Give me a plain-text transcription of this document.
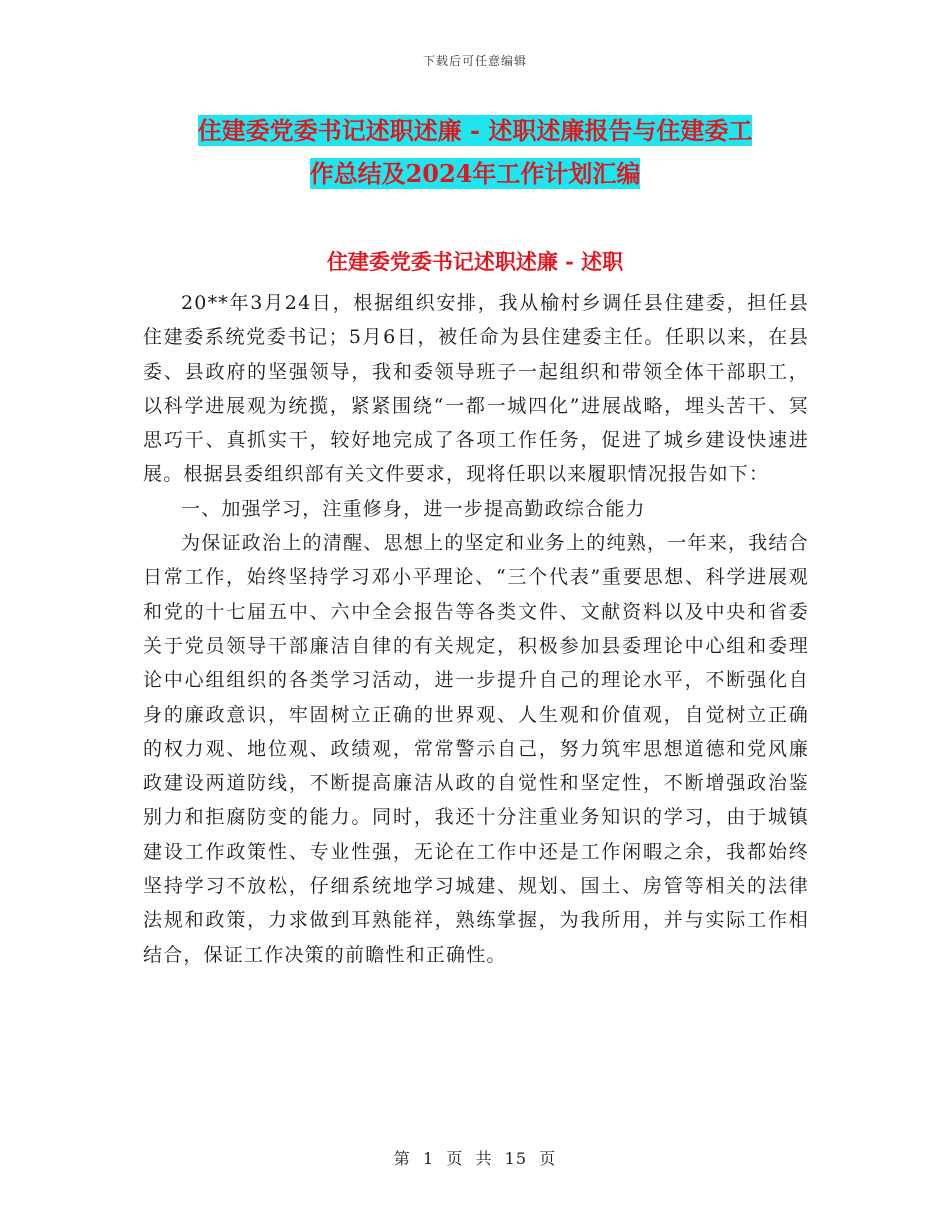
下载后可任意编辑
住建委党委书记述职述廉 - 述职述廉报告与住建委工
作总结及2024年工作计划汇编
住建委党委书记述职述廉 - 述职

20**年3月24日，根据组织安排，我从榆村乡调任县住建委，担任县住建委系统党委书记；5月6日，被任命为县住建委主任。任职以来，在县委、县政府的坚强领导，我和委领导班子一起组织和带领全体干部职工，以科学进展观为统揽，紧紧围绕“一都一城四化”进展战略，埋头苦干、冥思巧干、真抓实干，较好地完成了各项工作任务，促进了城乡建设快速进展。根据县委组织部有关文件要求，现将任职以来履职情况报告如下：

一、加强学习，注重修身，进一步提高勤政综合能力

为保证政治上的清醒、思想上的坚定和业务上的纯熟，一年来，我结合日常工作，始终坚持学习邓小平理论、“三个代表”重要思想、科学进展观和党的十七届五中、六中全会报告等各类文件、文献资料以及中央和省委关于党员领导干部廉洁自律的有关规定，积极参加县委理论中心组和委理论中心组组织的各类学习活动，进一步提升自己的理论水平，不断强化自身的廉政意识，牢固树立正确的世界观、人生观和价值观，自觉树立正确的权力观、地位观、政绩观，常常警示自己，努力筑牢思想道德和党风廉政建设两道防线，不断提高廉洁从政的自觉性和坚定性，不断增强政治鉴别力和拒腐防变的能力。同时，我还十分注重业务知识的学习，由于城镇建设工作政策性、专业性强，无论在工作中还是工作闲暇之余，我都始终坚持学习不放松，仔细系统地学习城建、规划、国土、房管等相关的法律法规和政策，力求做到耳熟能祥，熟练掌握，为我所用，并与实际工作相结合，保证工作决策的前瞻性和正确性。

第  1  页  共  15  页
